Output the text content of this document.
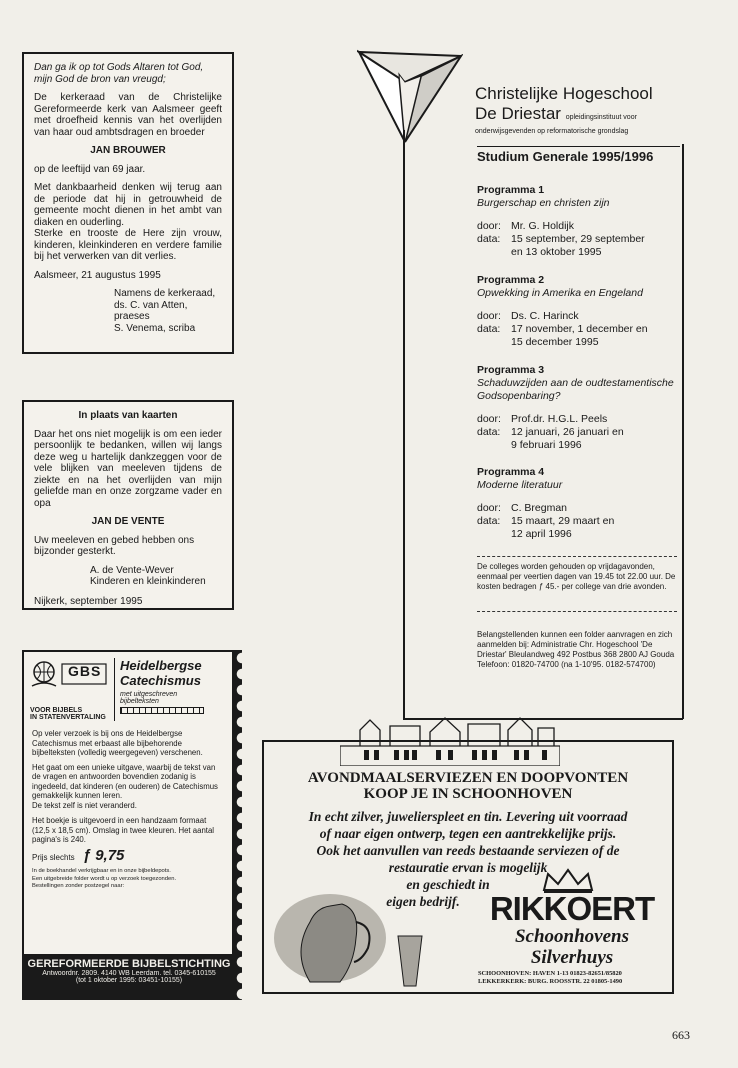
Dan ga ik op tot Gods Altaren tot God, mijn God de bron van vreugd;

De kerkeraad van de Christelijke Gereformeerde kerk van Aalsmeer geeft met droefheid kennis van het overlijden van haar oud ambtsdragen en broeder

JAN BROUWER

op de leeftijd van 69 jaar.

Met dankbaarheid denken wij terug aan de periode dat hij in getrouwheid de gemeente mocht dienen in het ambt van diaken en ouderling.

Sterke en trooste de Here zijn vrouw, kinderen, kleinkinderen en verdere familie bij het verwerken van dit verlies.

Aalsmeer, 21 augustus 1995

Namens de kerkeraad,
ds. C. van Atten, praeses
S. Venema, scriba

In plaats van kaarten

Daar het ons niet mogelijk is om een ieder persoonlijk te bedanken, willen wij langs deze weg u hartelijk dankzeggen voor de vele blijken van meeleven tijdens de ziekte en na het overlijden van mijn geliefde man en onze zorgzame vader en opa

JAN DE VENTE

Uw meeleven en gebed hebben ons bijzonder gesterkt.

A. de Vente-Wever
Kinderen en kleinkinderen
Nijkerk, september 1995
Christelijke Hogeschool
De Driestar opleidingsinstituut voor
onderwijsgevenden op reformatorische grondslag
Studium Generale 1995/1996
Programma 1
Burgerschap en christen zijn
door: Mr. G. Holdijk
data:	15 september, 29 september
en 13 oktober 1995
Programma 2
Opwekking in Amerika en Engeland
door: Ds. C. Harinck
data:	17 november, 1 december en
15 december 1995
Programma 3
Schaduwzijden aan de oudtestamentische Godsopenbaring?
door: Prof.dr. H.G.L. Peels
data:	12 januari, 26 januari en
9 februari 1996
Programma 4
Moderne literatuur
door: C. Bregman
data:	15 maart, 29 maart en
12 april 1996
De colleges worden gehouden op vrijdagavonden, eenmaal per veertien dagen van 19.45 tot 22.00 uur. De kosten bedragen ƒ 45.- per college van drie avonden.
Belangstellenden kunnen een folder aanvragen en zich aanmelden bij: Administratie Chr. Hogeschool 'De Driestar' Bleulandweg 492 Postbus 368 2800 AJ Gouda Telefoon: 01820-74700 (na 1-10'95. 0182-574700)
GBS
VOOR BIJBELS
IN STATENVERTALING
Heidelbergse
Catechismus
met uitgeschreven
bijbelteksten

Op veler verzoek is bij ons de Heidelbergse Catechismus met erbaast alle bijbehorende bijbelteksten (volledig weergegeven) verschenen.

Het gaat om een unieke uitgave, waarbij de tekst van de vragen en antwoorden bovendien zodanig is ingedeeld, dat kinderen (en ouderen) de Catechismus gemakkelijk kunnen leren.

De tekst zelf is niet veranderd.

Het boekje is uitgevoerd in een handzaam formaat (12,5 x 18,5 cm). Omslag in twee kleuren. Het aantal pagina's is 240.

Prijs slechts ƒ 9,75
In de boekhandel verkrijgbaar en in onze bijbeldepots.
Een uitgebreide folder wordt u op verzoek toegezonden.
Bestellingen zonder postzegel naar:
GEREFORMEERDE BIJBELSTICHTING
Antwoordnr. 2809. 4140 WB Leerdam. tel. 0345-610155
(tot 1 oktober 1995: 03451-10155)
AVONDMAALSERVIEZEN EN DOOPVONTEN
KOOP JE IN SCHOONHOVEN
In echt zilver, juwelierspleet en tin. Levering uit voorraad
of naar eigen ontwerp, tegen een aantrekkelijke prijs.
Ook het aanvullen van reeds bestaande serviezen of de
restauratie ervan is mogelijk
en geschiedt in
eigen bedrijf. RIKKOERT
Schoonhovens
Silverhuys
SCHOONHOVEN: HAVEN 1-13 01823-82651/85820
LEKKERKERK: BURG. ROOSSTR. 22 01805-1490
663
